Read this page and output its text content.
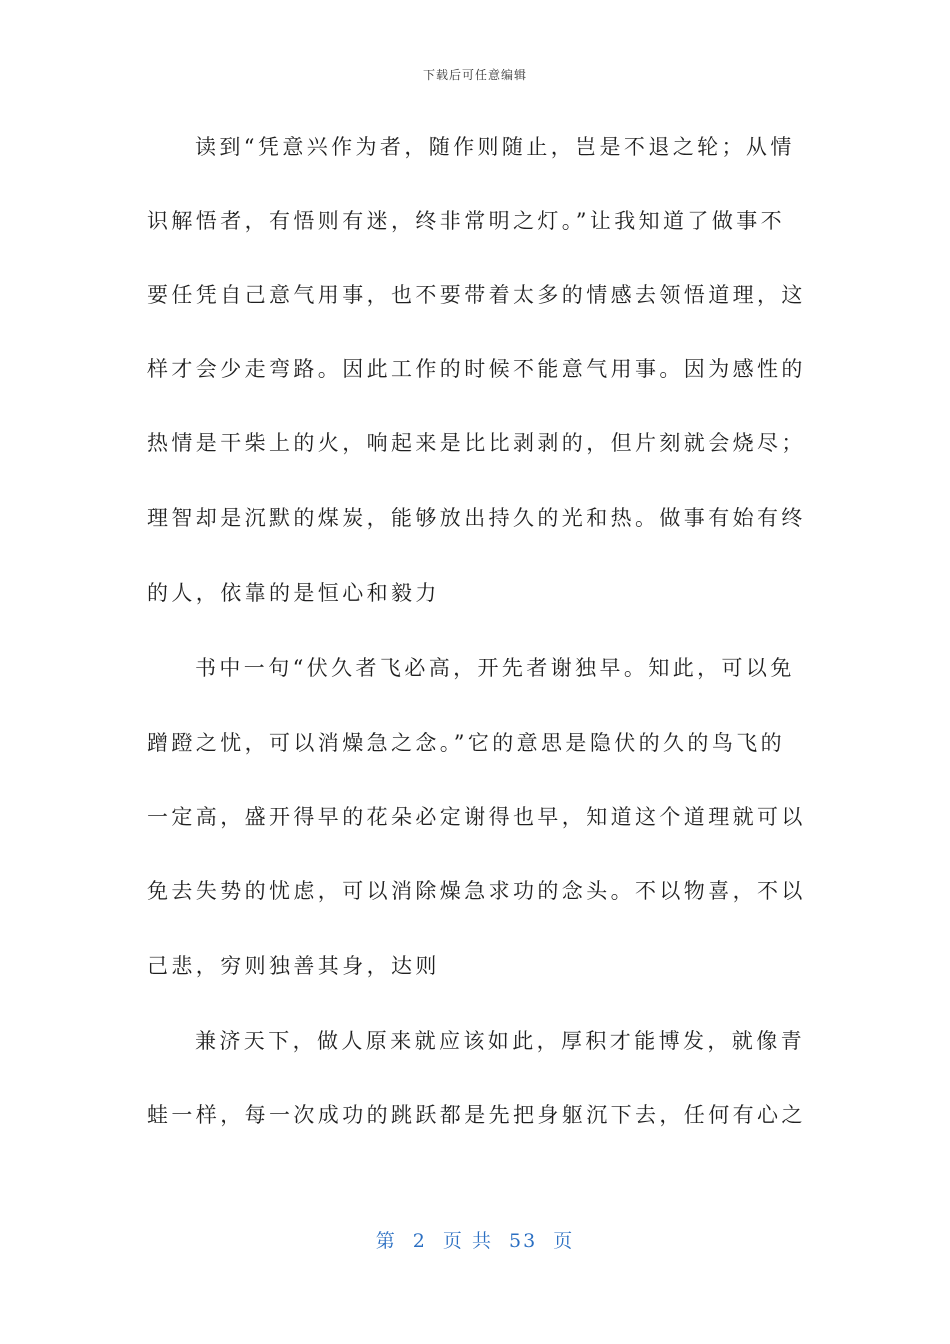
下载后可任意编辑
读到“凭意兴作为者，随作则随止，岂是不退之轮；从情
识解悟者，有悟则有迷，终非常明之灯。”让我知道了做事不
要任凭自己意气用事，也不要带着太多的情感去领悟道理，这
样才会少走弯路。因此工作的时候不能意气用事。因为感性的
热情是干柴上的火，响起来是比比剥剥的，但片刻就会烧尽；
理智却是沉默的煤炭，能够放出持久的光和热。做事有始有终
的人，依靠的是恒心和毅力
书中一句“伏久者飞必高，开先者谢独早。知此，可以免
蹭蹬之忧，可以消燥急之念。”它的意思是隐伏的久的鸟飞的
一定高，盛开得早的花朵必定谢得也早，知道这个道理就可以
免去失势的忧虑，可以消除燥急求功的念头。不以物喜，不以
己悲，穷则独善其身，达则
兼济天下，做人原来就应该如此，厚积才能博发，就像青
蛙一样，每一次成功的跳跃都是先把身躯沉下去，任何有心之
第 2 页 共 53 页
